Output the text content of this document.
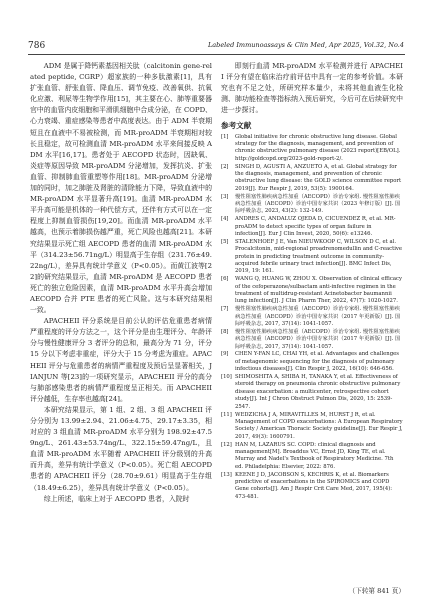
786	Labeled Immunoassays & Clin Med, Apr 2025, Vol.32, No.4

ADM 是属于降钙素基因相关肽（calcitonin gene-related peptide, CGRP）超家族的一种多肽激素[1]，具有扩张血管、舒张血管、降血压、调节免疫、改善氧供、抗氧化应激、利尿等生物学作用[15]，其主要在心、肺等重要器官中的血管内皮细胞和平滑肌细胞中合成分泌，在 COPD、心力衰竭、重症感染等患者中高度表达。由于 ADM 半衰期短且在血液中不易被检测，而 MR-proADM 半衰期相对较长且稳定，故可检测血清 MR-proADM 水平来间接反映 ADM 水平[16,17]。患者处于 AECOPD 状态时，因缺氧、炎症等原因导致 MR-proADM 分泌增加，发挥抗炎、扩张血管、抑制肺血管重塑等作用[18]。MR-proADM 分泌增加的同时，加之肺脏及肾脏的清除能力下降，导致血液中的 MR-proADM 水平显著升高[19]。血清 MR-proADM 水平升高可能是机体的一种代偿方式，还伴有方式可以在一定程度上抑制血管损伤[19,20]。而血清 MR-proADM 水平越高，也预示着肺损伤越严重，死亡风险也越高[21]。本研究结果显示死亡组 AECOPD 患者的血清 MR-proADM 水平（314.23±56.71ng/L）明显高于生存组（231.76±49.22ng/L），差异具有统计学意义（P<0.05）。而黄江波等[22]的研究结果显示，血清 MR-proADM 是 AECOPD 患者死亡的独立危险因素，血清 MR-proADM 水平升高会增加 AECOPD 合并 PTE 患者的死亡风险。这与本研究结果相一致。

APACHEII 评分系统是目前公认的评估危重患者病情严重程度的评分方法之一，这个评分是由生理评分、年龄评分与慢性健康评分 3 者评分的总和，最高分为 71 分，评分 15 分以下考虑非重症，评分大于 15 分考虑为重症。APACHEII 评分与危重患者的病情严重程度及预后呈显著相关，JIANJUN 等[23]的一项研究显示，APACHEII 评分的高分与肺部感染患者的病情严重程度呈正相关。而 APACHEII 评分越低，生存率也越高[24]。

本研究结果显示，第 1 组、2 组、3 组 APACHEII 评分分别为 13.99±2.94、21.06±4.75、29.17±3.35，相对应的 3 组血清 MR-proADM 水平分别为 198.92±47.59ng/L、261.43±53.74ng/L、322.15±59.47ng/L，且血清 MR-proADM 水平随着 APACHEII 评分级别的升高而升高，差异有统计学意义（P<0.05）。死亡组 AECOPD 患者的 APACHEII 评分（28.70±9.61）明显高于生存组（18.49±6.25），差异具有统计学意义（P<0.05）。

综上所述，临床上对于 AECOPD 患者，入院时

即刻行血清 MR-proADM 水平检测并进行 APACHEII 评分有望在临床治疗前评估中具有一定的参考价值。本研究也有不足之处，所研究样本量少，未将其他血液生化检测、肺功能检查等指标纳入预后研究，今后可在后续研究中进一步探讨。

参考文献
[1]	Global initiative for chronic obstructive lung disease. Global strategy for the diagnosis, management, and prevention of chronic obstructive pulmonary disease (2023 report)[EB/OL]. http://goldcopd.org/2023-gold-report-2/.
[2]	SINGH D, AGUSTI A, ANZUETO A, et al. Global strategy for the diagnosis, management, and prevention of chronic obstructive lung disease: the GOLD science committee report 2019[J]. Eur Respir J, 2019, 53(5): 1900164.
[3]	慢性阻塞性肺疾病急性加重（AECOPD）诊治专家组. 慢性阻塞性肺疾病急性加重（AECOPD）诊治中国专家共识（2023 年修订版）[J]. 国际呼吸杂志, 2023, 43(2): 132-149.
[4]	ANDRES C, ANDALUZ OJEDA D, CICUENDEZ R, et al. MR-proADM to detect specific types of organ failure in infection[J]. Eur J Clin Invest, 2020, 50(6): e13246.
[5]	STALENHOEF J E, Van NIEUWKOOP C, WILSON D C, et al. Procalcitonin, mid-regional proadrenomedullin and C-reactive protein in predicting treatment outcome in community-acquired febrile urinary tract infection[J]. BMC Infect Dis, 2019, 19: 161.
[6]	WANG Q, HUANG W, ZHOU X. Observation of clinical efficacy of the cefoperazone/sulbactam anti-infective regimen in the treatment of multidrug-resistant Acinetobacter baumannii lung infection[J]. J Clin Pharm Ther, 2022, 47(7): 1020-1027.
[7]	慢性阻塞性肺疾病急性加重（AECOPD）诊治专家组. 慢性阻塞性肺疾病急性加重（AECOPD）诊治中国专家共识（2017 年更新版）[J]. 国际呼吸杂志, 2017, 37(14): 1041-1057.
[8]	慢性阻塞性肺疾病急性加重（AECOPD）诊治专家组. 慢性阻塞性肺疾病急性加重（AECOPD）诊治中国专家共识（2017 年更新版）[J]. 国际呼吸杂志, 2017, 37(14): 1041-1057.
[9]	CHEN Y-FAN LC, CHAI YH, et al. Advantages and challenges of metagenomic sequencing for the diagnosis of pulmonary infectious diseases[J]. Clin Respir J, 2022, 16(10): 646-656.
[10] SHIMOSHITA A, SHIBA H, TANAKA Y, et al. Effectiveness of steroid therapy on pneumonia chronic obstructive pulmonary disease exacerbation: a multicenter, retrospective cohort study[J]. Int J Chron Obstruct Pulmon Dis, 2020, 15: 2539-2547.
[11] WEDZICHA J A, MIRAVITLLES M, HURST J R, et al. Management of COPD exacerbations: A European Respiratory Society / American Thoracic Society guideline[J]. Eur Respir J, 2017, 49(3): 1600791.
[12] HAN M, LAZARUS SC. COPD: clinical diagnosis and management[M]. Broaddus VC, Ernst JD, King TE, et al. Murray and Nadel's Textbook of Respiratory Medicine. 7th ed. Philadelphia: Elsevier, 2022: 876.
[13] KEENE J D, JACOBSON S, KECHRIS K, et al. Biomarkers predictive of exacerbations in the SPIROMICS and COPD Gene cohorts[J]. Am J Respir Crit Care Med, 2017, 195(4): 473-481.
（下转第 841 页）
